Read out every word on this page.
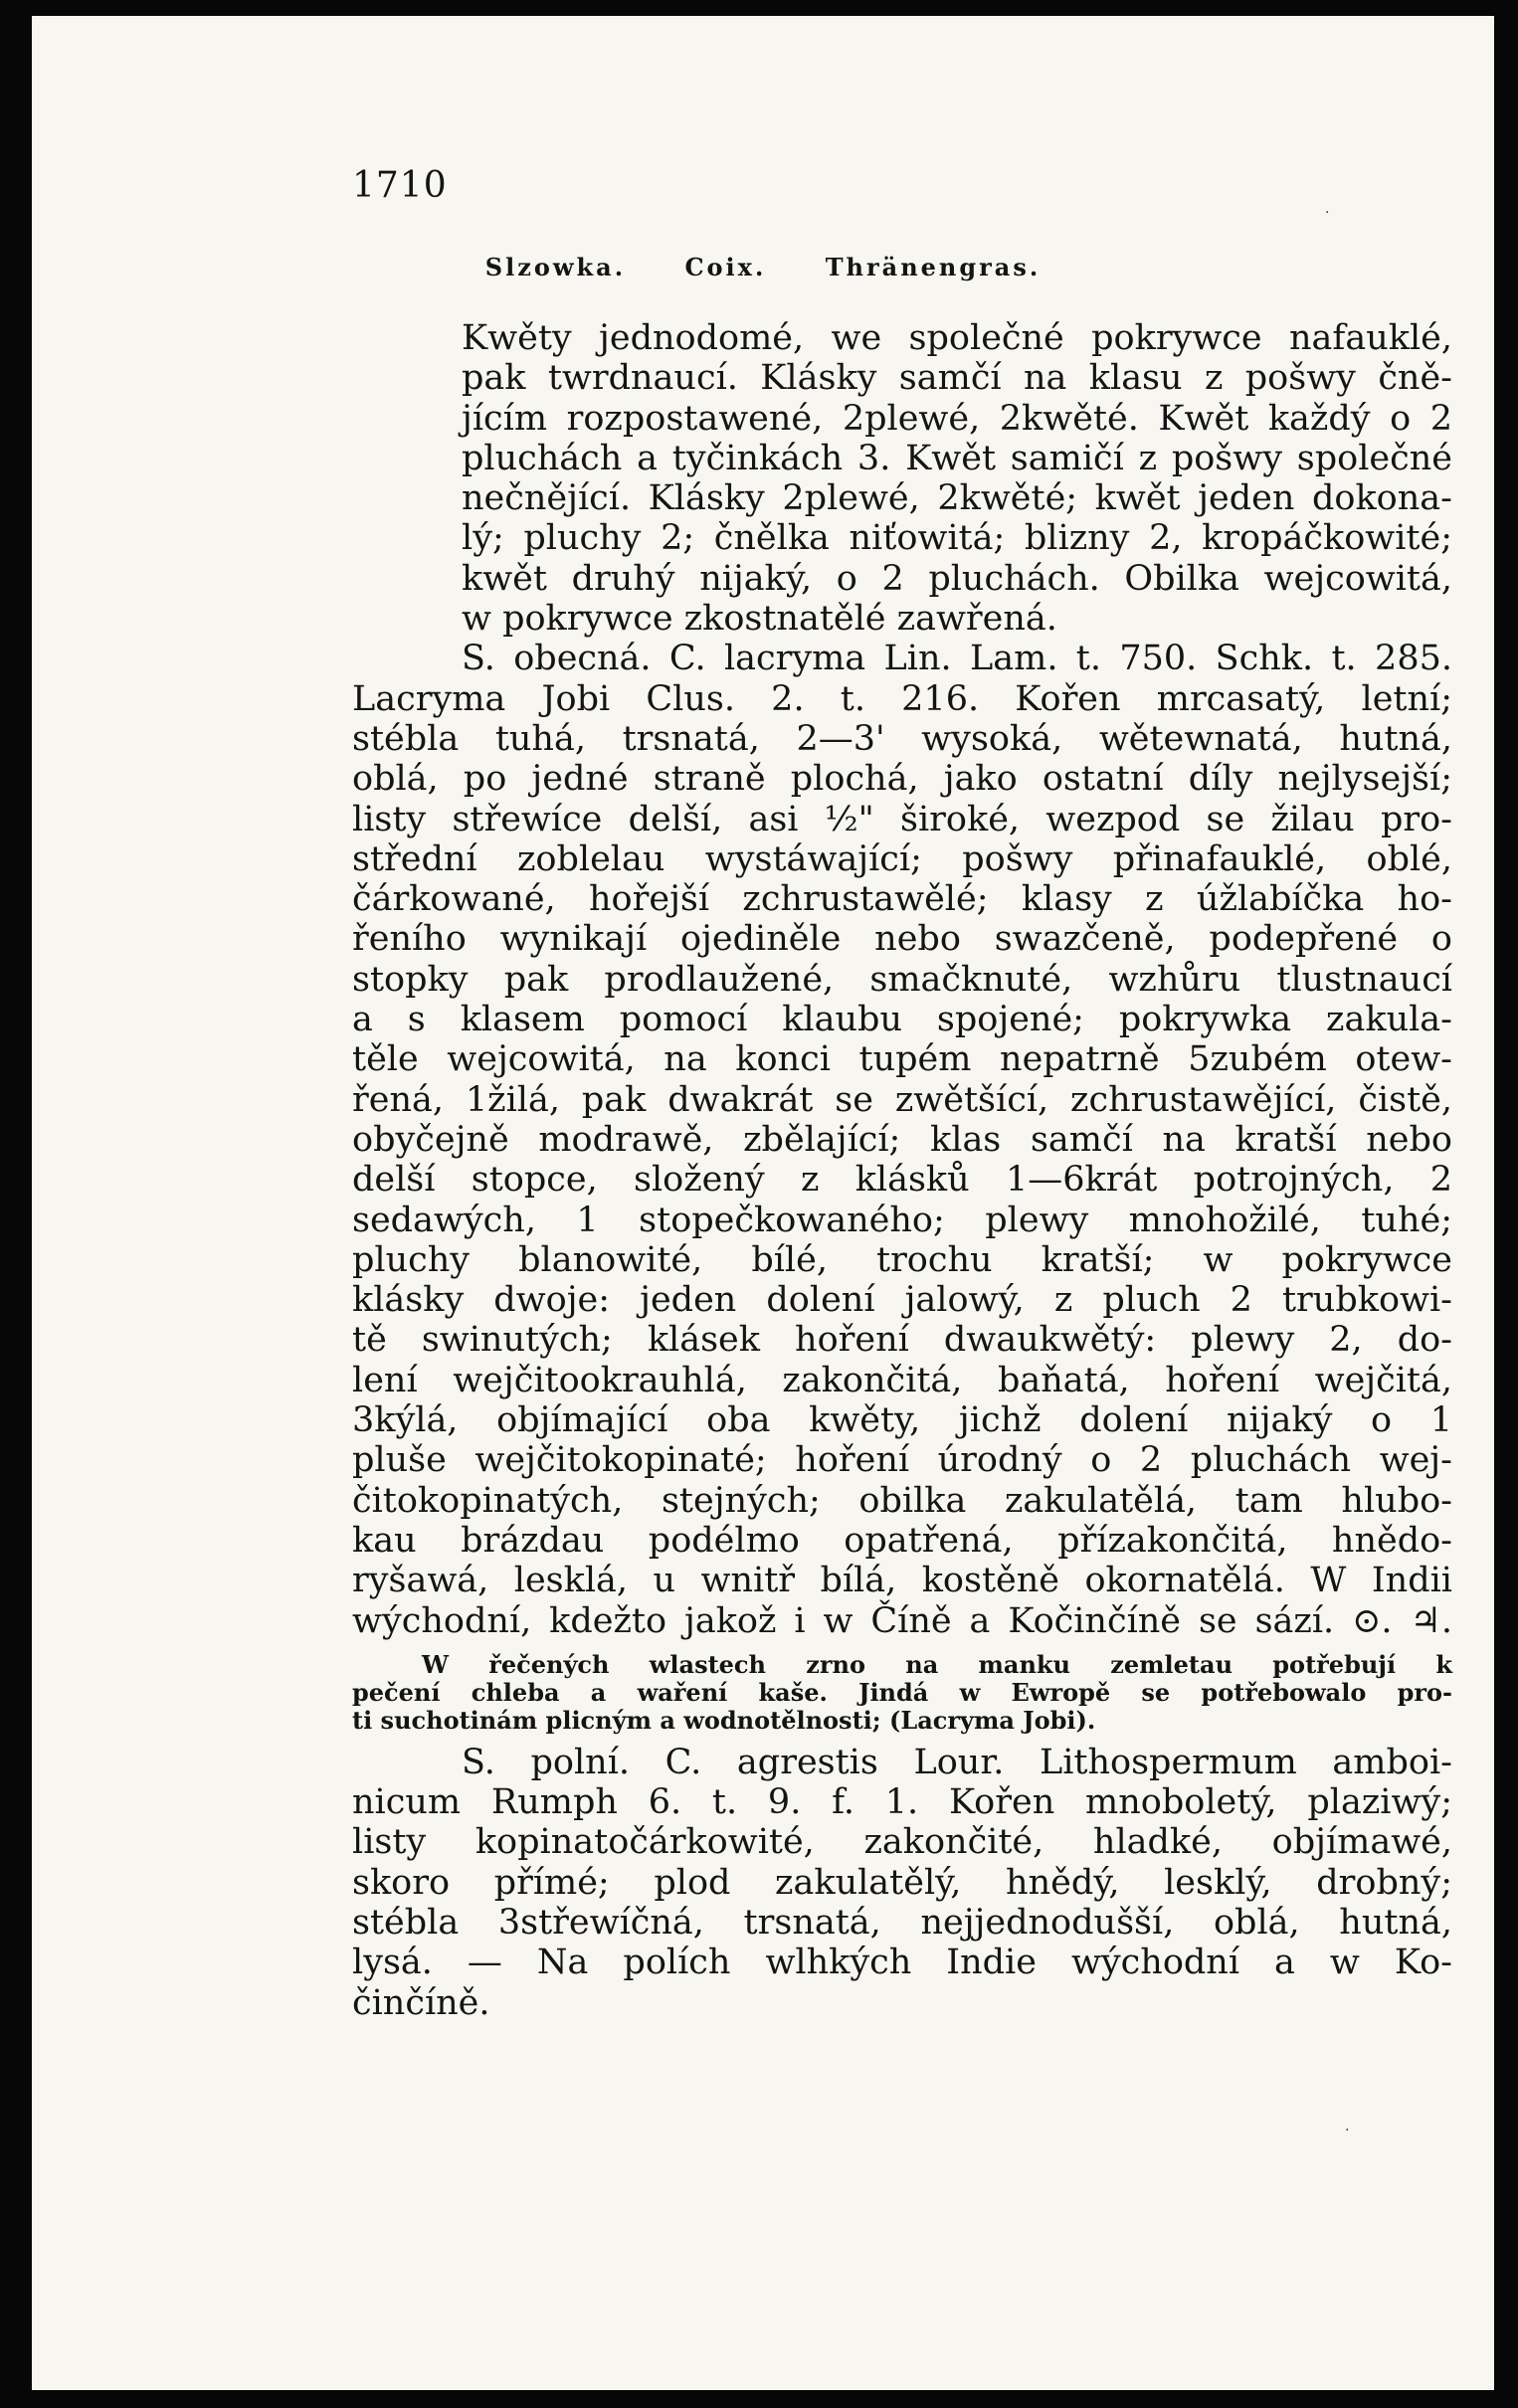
1710
Slzowka. Coix. Thränengras.

Kwěty jednodomé, we společné pokrywce nafauklé,
pak twrdnaucí. Klásky samčí na klasu z pošwy čně-
jícím rozpostawené, 2plewé, 2kwěté. Kwět každý o 2
pluchách a tyčinkách 3. Kwět samičí z pošwy společné
nečnějící. Klásky 2plewé, 2kwěté; kwět jeden dokona-
lý; pluchy 2; čnělka niťowitá; blizny 2, kropáčkowité;
kwět druhý nijaký, o 2 pluchách. Obilka wejcowitá,
w pokrywce zkostnatělé zawřená.

S. obecná. C. lacryma Lin. Lam. t. 750. Schk. t. 285.
Lacryma Jobi Clus. 2. t. 216. Kořen mrcasatý, letní;
stébla tuhá, trsnatá, 2—3' wysoká, wětewnatá, hutná,
oblá, po jedné straně plochá, jako ostatní díly nejlysejší;
listy střewíce delší, asi ½" široké, wezpod se žilau pro-
střední zoblelau wystáwající; pošwy přinafauklé, oblé,
čárkowané, hořejší zchrustawělé; klasy z úžlabíčka ho-
řeního wynikají ojediněle nebo swazčeně, podepřené o
stopky pak prodlaužené, smačknuté, wzhůru tlustnaucí
a s klasem pomocí klaubu spojené; pokrywka zakula-
těle wejcowitá, na konci tupém nepatrně 5zubém otew-
řená, 1žilá, pak dwakrát se zwětšící, zchrustawějící, čistě,
obyčejně modrawě, zbělající; klas samčí na kratší nebo
delší stopce, složený z klásků 1—6krát potrojných, 2
sedawých, 1 stopečkowaného; plewy mnohožilé, tuhé;
pluchy blanowité, bílé, trochu kratší; w pokrywce
klásky dwoje: jeden dolení jalowý, z pluch 2 trubkowi-
tě swinutých; klásek hoření dwaukwětý: plewy 2, do-
lení wejčitookrauhlá, zakončitá, baňatá, hoření wejčitá,
3kýlá, objímající oba kwěty, jichž dolení nijaký o 1
pluše wejčitokopinaté; hoření úrodný o 2 pluchách wej-
čitokopinatých, stejných; obilka zakulatělá, tam hlubo-
kau brázdau podélmo opatřená, přízakončitá, hnědo-
ryšawá, lesklá, u wnitř bílá, kostěně okornatělá. W Indii
wýchodní, kdežto jakož i w Číně a Kočinčíně se sází. ⊙. ♃.

W řečených wlastech zrno na manku zemletau potřebují k
pečení chleba a waření kaše. Jindá w Ewropě se potřebowalo pro-
ti suchotinám plicným a wodnotělnosti; (Lacryma Jobi).

S. polní. C. agrestis Lour. Lithospermum amboi-
nicum Rumph 6. t. 9. f. 1. Kořen mnoboletý, plaziwý;
listy kopinatočárkowité, zakončité, hladké, objímawé,
skoro přímé; plod zakulatělý, hnědý, lesklý, drobný;
stébla 3střewíčná, trsnatá, nejjednodušší, oblá, hutná,
lysá. — Na polích wlhkých Indie wýchodní a w Ko-
činčíně.

·
·
